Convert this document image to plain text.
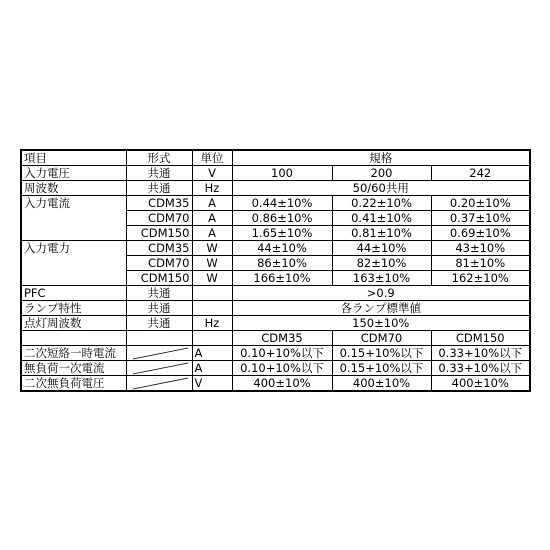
項目	形式	単位	規格		
入力電圧	共通	V	100	200	242
周波数	共通	Hz	50/60共用		
入力電流	CDM35	A	0.44±10%	0.22±10%	0.20±10%
	CDM70	A	0.86±10%	0.41±10%	0.37±10%
	CDM150	A	1.65±10%	0.81±10%	0.69±10%
入力電力	CDM35	W	44±10%	44±10%	43±10%
	CDM70	W	86±10%	82±10%	81±10%
	CDM150	W	166±10%	163±10%	162±10%
PFC	共通		>0.9		
ランプ特性	共通		各ランプ標準値		
点灯周波数	共通	Hz	150±10%		
			CDM35	CDM70	CDM150
二次短絡一時電流		A	0.10+10%以下	0.15+10%以下	0.33+10%以下
無負荷一次電流		A	0.10+10%以下	0.15+10%以下	0.33+10%以下
二次無負荷電圧		V	400±10%	400±10%	400±10%
